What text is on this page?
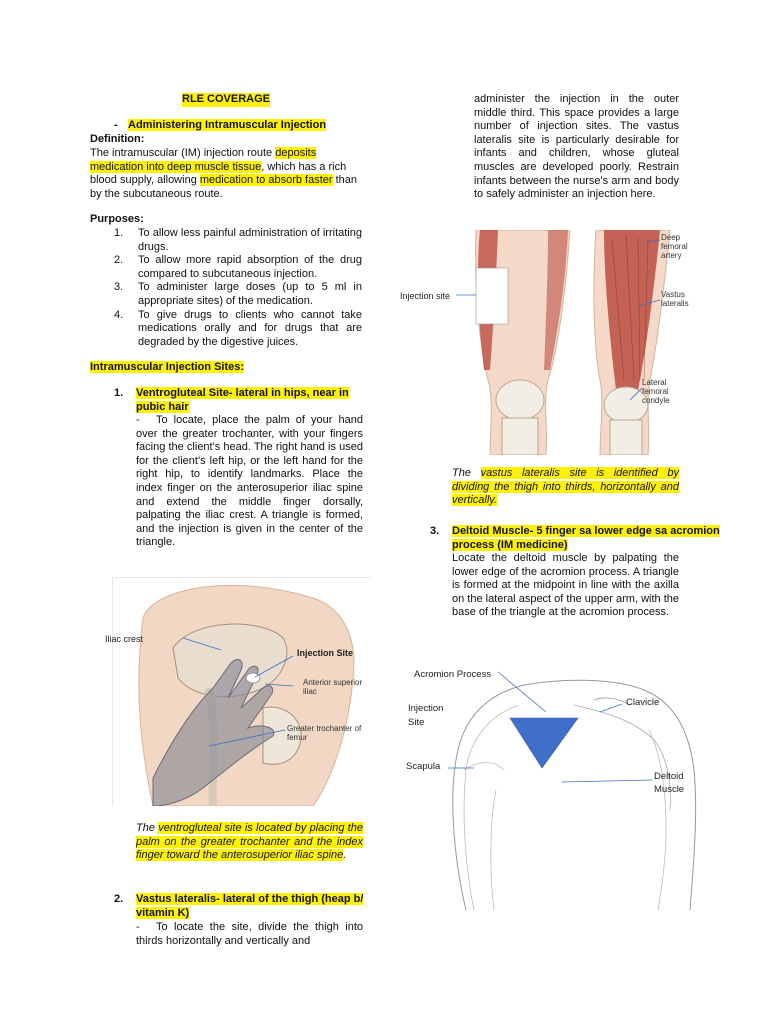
RLE COVERAGE
- Administering Intramuscular Injection
Definition:
The intramuscular (IM) injection route deposits medication into deep muscle tissue, which has a rich blood supply, allowing medication to absorb faster than by the subcutaneous route.
Purposes:
1. To allow less painful administration of irritating drugs.
2. To allow more rapid absorption of the drug compared to subcutaneous injection.
3. To administer large doses (up to 5 ml in appropriate sites) of the medication.
4. To give drugs to clients who cannot take medications orally and for drugs that are degraded by the digestive juices.
Intramuscular Injection Sites:
1. Ventrogluteal Site- lateral in hips, near in pubic hair
-	To locate, place the palm of your hand over the greater trochanter, with your fingers facing the client's head. The right hand is used for the client's left hip, or the left hand for the right hip, to identify landmarks. Place the index finger on the anterosuperior iliac spine and extend the middle finger dorsally, palpating the iliac crest. A triangle is formed, and the injection is given in the center of the triangle.
Iliac crest
Injection Site
Anterior superior iliac
Greater trochanter of femur
The ventrogluteal site is located by placing the palm on the greater trochanter and the index finger toward the anterosuperior iliac spine.
2. Vastus lateralis- lateral of the thigh (heap b/ vitamin K)
-	To locate the site, divide the thigh into thirds horizontally and vertically and
administer the injection in the outer middle third. This space provides a large number of injection sites. The vastus lateralis site is particularly desirable for infants and children, whose gluteal muscles are developed poorly. Restrain infants between the nurse's arm and body to safely administer an injection here.
Injection site
Deep femoral artery
Vastus lateralis
Lateral femoral condyle
The vastus lateralis site is identified by dividing the thigh into thirds, horizontally and vertically.
3. Deltoid Muscle- 5 finger sa lower edge sa acromion process (IM medicine)
Locate the deltoid muscle by palpating the lower edge of the acromion process. A triangle is formed at the midpoint in line with the axilla on the lateral aspect of the upper arm, with the base of the triangle at the acromion process.
Acromion Process
Injection Site
Clavicle
Scapula
Deltoid Muscle
